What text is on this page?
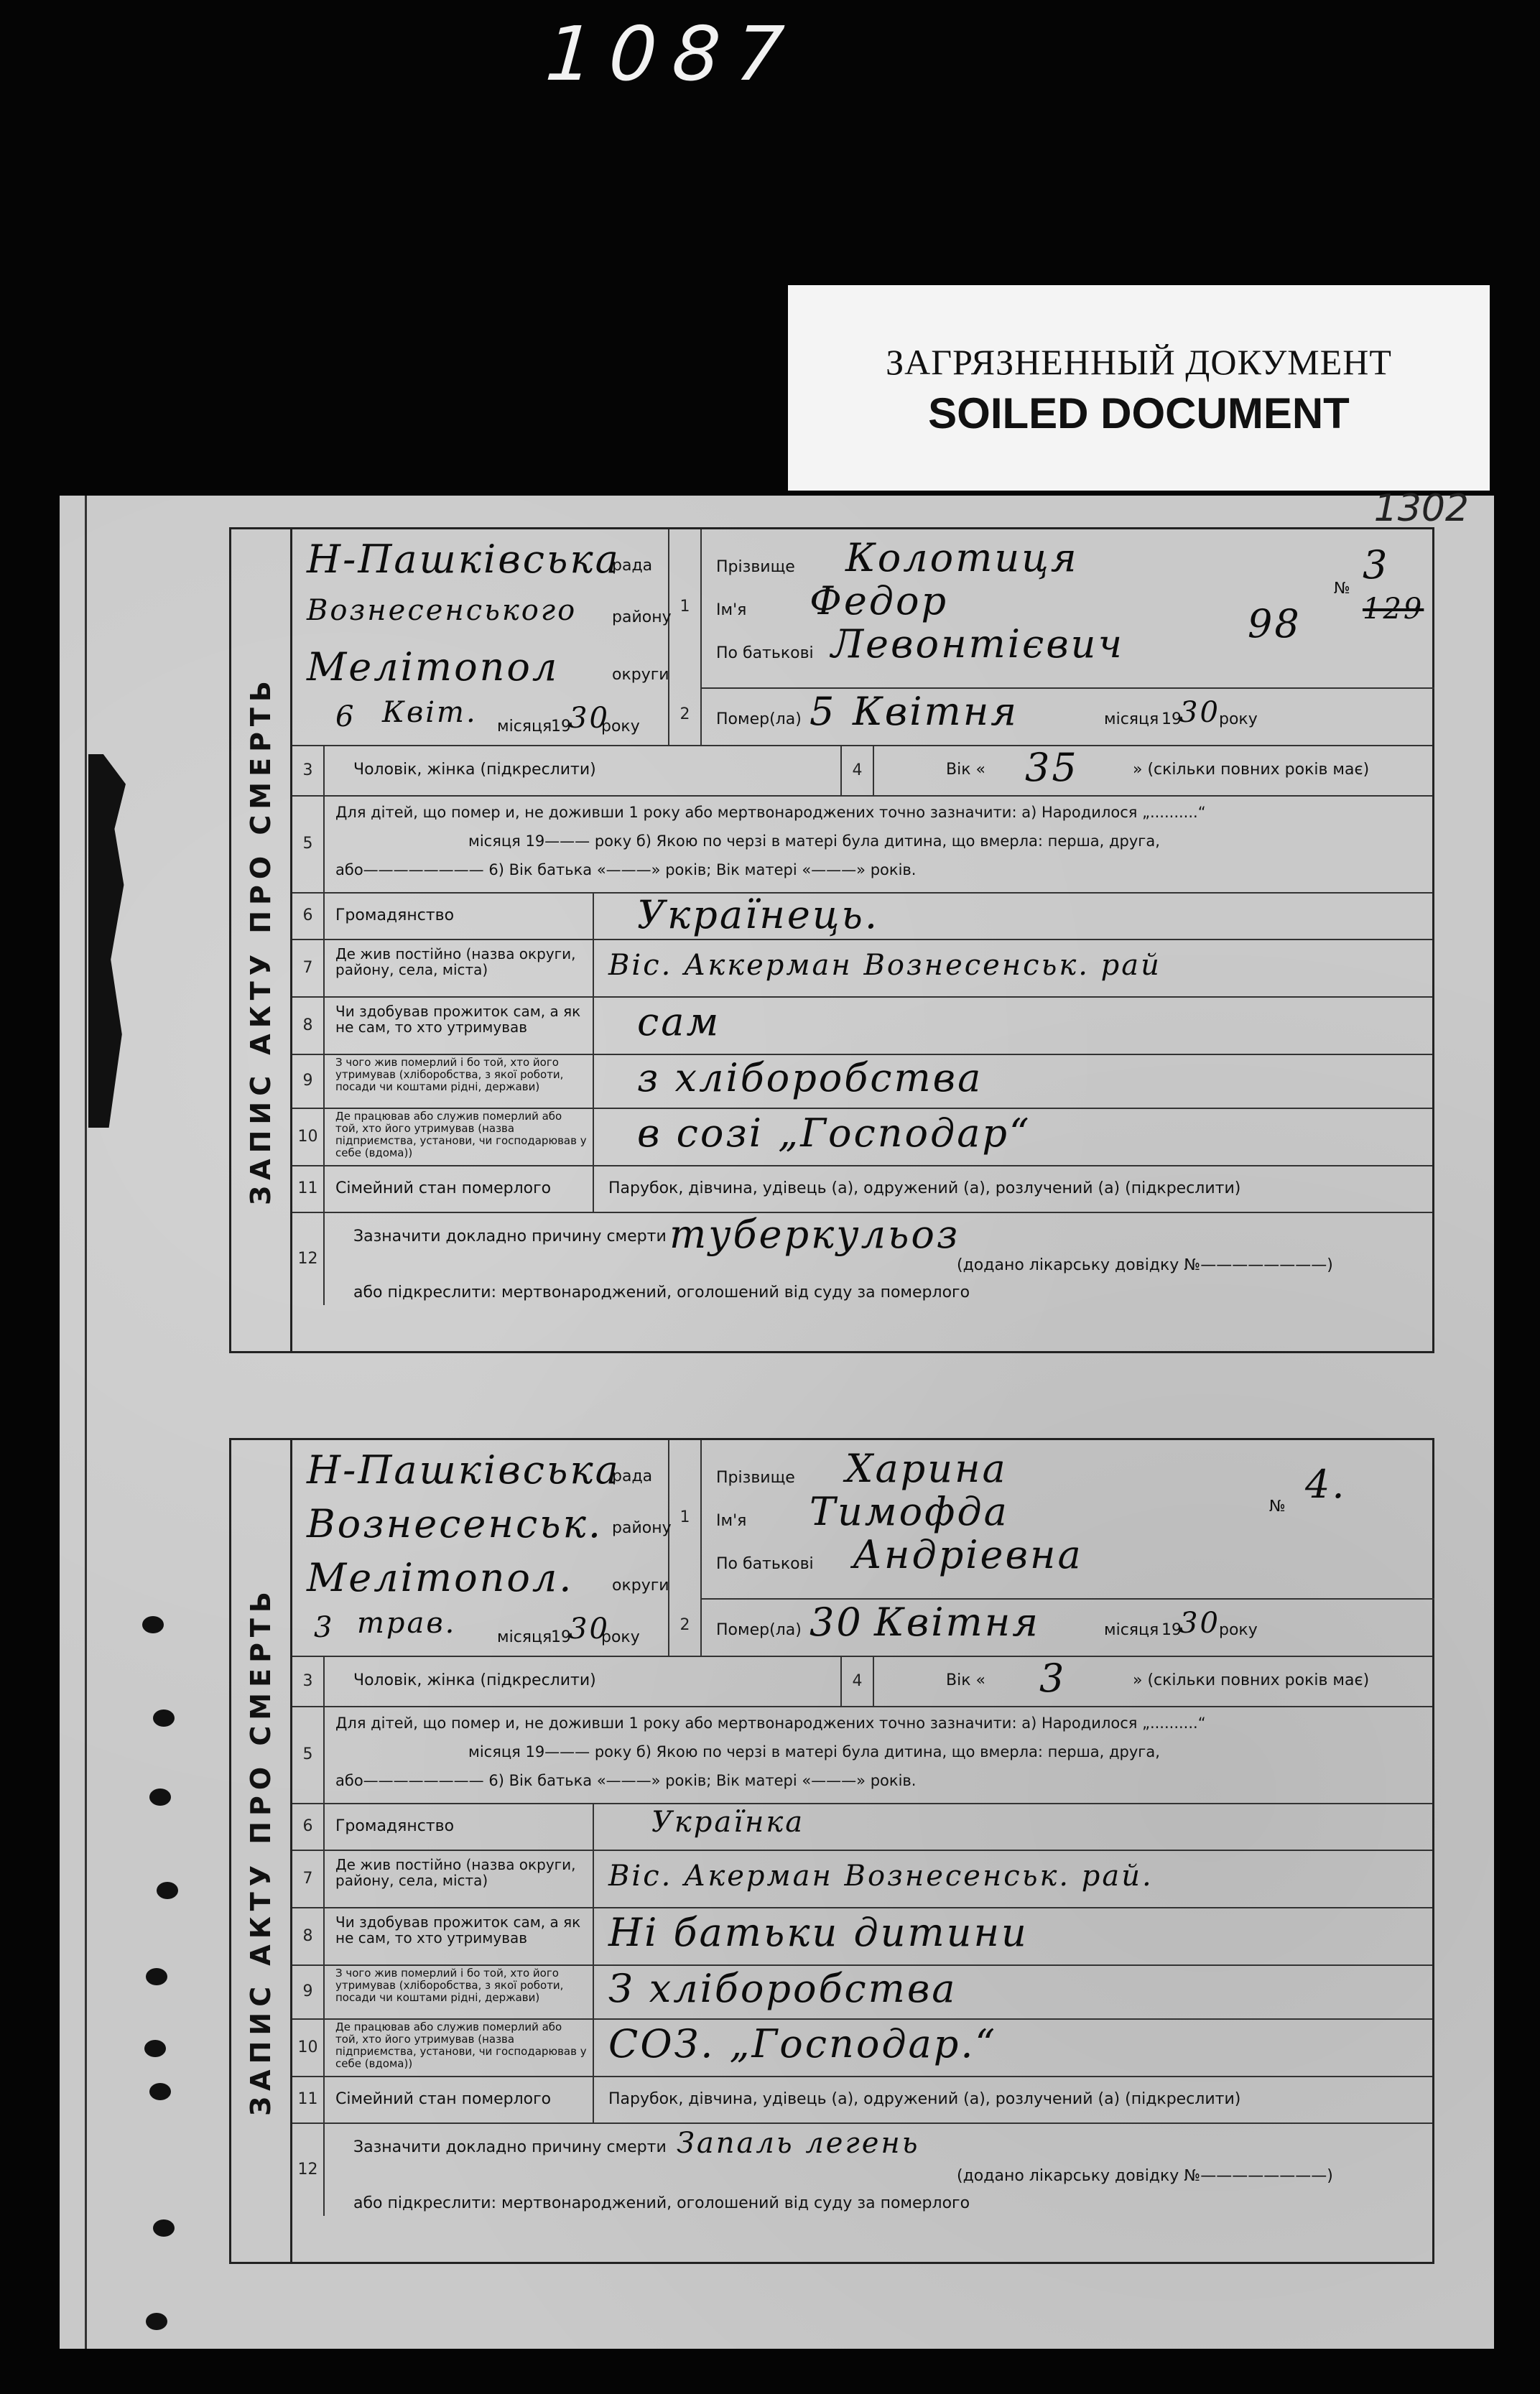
1087
ЗАГРЯЗНЕННЫЙ ДОКУМЕНТ
SOILED DOCUMENT
1302
ЗАПИС АКТУ ПРО СМЕРТЬ
Н-Пашківська
рада
Вознесенського району
Мелітопол	округи
6 Квіт. місяця
19
30
року
1
2
Прізвище Колотиця
Ім'я Федор
По батькові Левонтієвич
№
3
129
98
Помер(ла) 5 Квітня	місяця 19
30
року
3	Чоловік, жінка (підкреслити)	4	Вік « 35	» (скільки повних років має)
5
Для дітей, що помер и, не доживши 1 року або мертвонароджених точно зазначити: а) Народилося „..........“
місяця 19——— року б) Якою по черзі в матері була дитина, що вмерла: перша, друга,
або———————— 6) Вік батька «———» років; Вік матері «———» років.
6	Громадянство	Українець.
7
Де жив постійно (назва округи, району, села, міста)	Віс. Аккерман Вознесенськ. рай
8
Чи здобував прожиток сам, а як не сам, то хто утримував	сам
9
З чого жив померлий і бо той, хто його утримував (хліборобства, з якої роботи, посади чи коштами рідні, держави)	з хліборобства
10
Де працював або служив померлий або той, хто його утримував (назва підприємства, установи, чи господарював у себе (вдома))	в созі „Господар“
11	Сімейний стан померлого	Парубок, дівчина, удівець (а), одружений (а), розлучений (а) (підкреслити)
12
Зазначити докладно причину смерти туберкульоз
(додано лікарську довідку №————————)
або підкреслити: мертвонароджений, оголошений від суду за померлого
ЗАПИС АКТУ ПРО СМЕРТЬ
Н-Пашківська
рада
Вознесенськ. району
Мелітопол. округи
3 трав.	місяця
19
30
року
1
2
Прізвище Харина
Ім'я Тимофда
По батькові Андріевна
№ 4.
Помер(ла) 30 Квітня	місяця 19
30
року
3	Чоловік, жінка (підкреслити)	4	Вік « 3	» (скільки повних років має)
5
Для дітей, що помер и, не доживши 1 року або мертвонароджених точно зазначити: а) Народилося „..........“
місяця 19——— року б) Якою по черзі в матері була дитина, що вмерла: перша, друга,
або———————— 6) Вік батька «———» років; Вік матері «———» років.
6	Громадянство	Українка
7
Де жив постійно (назва округи, району, села, міста)	Віс. Акерман Вознесенськ. рай.
8
Чи здобував прожиток сам, а як не сам, то хто утримував	Ні батьки дитини
9
З чого жив померлий і бо той, хто його утримував (хліборобства, з якої роботи, посади чи коштами рідні, держави)	З хліборобства
10
Де працював або служив померлий або той, хто його утримував (назва підприємства, установи, чи господарював у себе (вдома))	СОЗ. „Господар.“
11	Сімейний стан померлого	Парубок, дівчина, удівець (а), одружений (а), розлучений (а) (підкреслити)
12
Зазначити докладно причину смерти Запаль легень
(додано лікарську довідку №————————)
або підкреслити: мертвонароджений, оголошений від суду за померлого
